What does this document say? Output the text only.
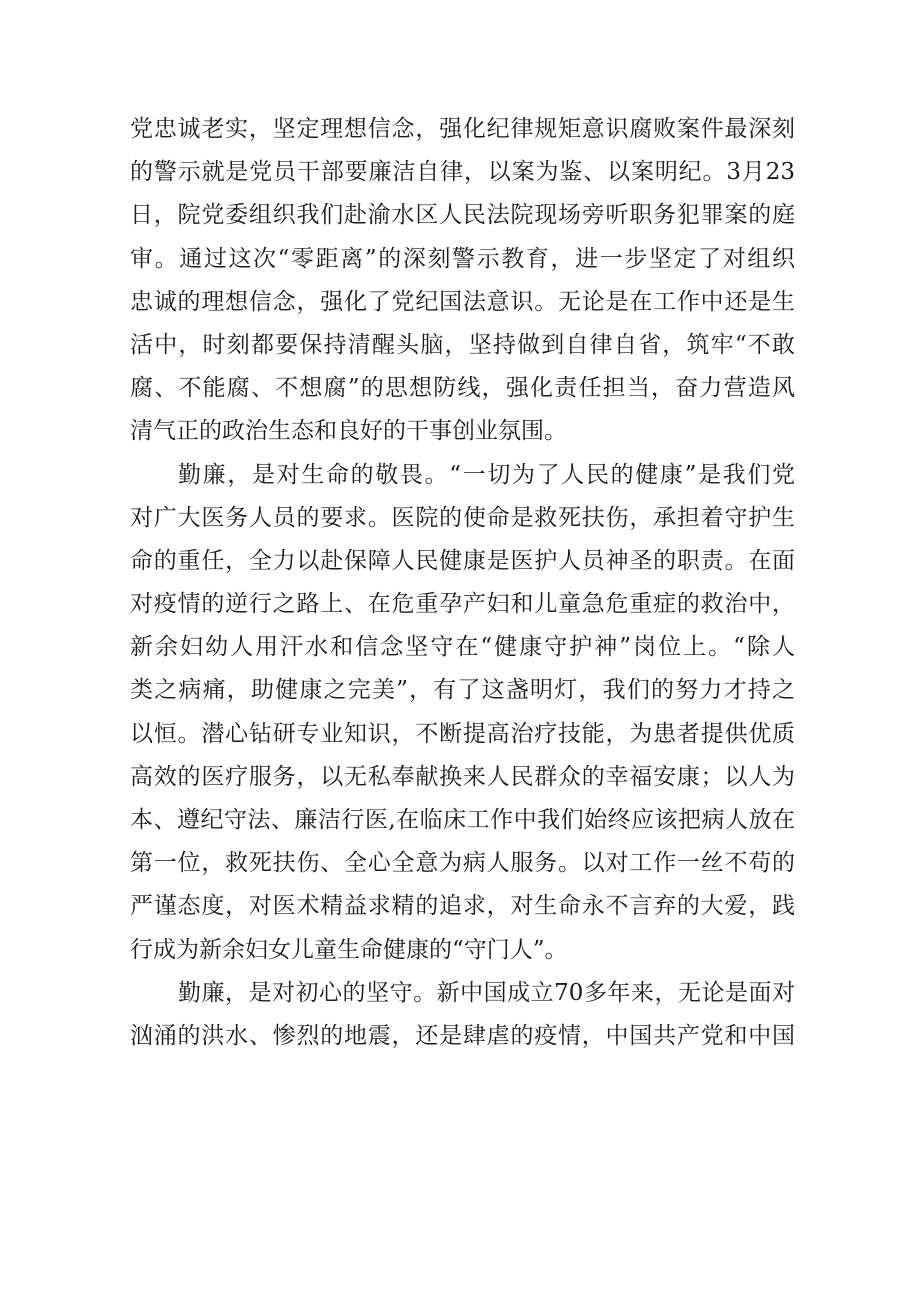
党忠诚老实，坚定理想信念，强化纪律规矩意识腐败案件最深刻
的警示就是党员干部要廉洁自律，以案为鉴、以案明纪。3月23
日，院党委组织我们赴渝水区人民法院现场旁听职务犯罪案的庭
审。通过这次“零距离”的深刻警示教育，进一步坚定了对组织
忠诚的理想信念，强化了党纪国法意识。无论是在工作中还是生
活中，时刻都要保持清醒头脑，坚持做到自律自省，筑牢“不敢
腐、不能腐、不想腐”的思想防线，强化责任担当，奋力营造风
清气正的政治生态和良好的干事创业氛围。
勤廉，是对生命的敬畏。“一切为了人民的健康”是我们党
对广大医务人员的要求。医院的使命是救死扶伤，承担着守护生
命的重任，全力以赴保障人民健康是医护人员神圣的职责。在面
对疫情的逆行之路上、在危重孕产妇和儿童急危重症的救治中，
新余妇幼人用汗水和信念坚守在“健康守护神”岗位上。“除人
类之病痛，助健康之完美”，有了这盏明灯，我们的努力才持之
以恒。潜心钻研专业知识，不断提高治疗技能，为患者提供优质
高效的医疗服务，以无私奉献换来人民群众的幸福安康；以人为
本、遵纪守法、廉洁行医,在临床工作中我们始终应该把病人放在
第一位，救死扶伤、全心全意为病人服务。以对工作一丝不苟的
严谨态度，对医术精益求精的追求，对生命永不言弃的大爱，践
行成为新余妇女儿童生命健康的“守门人”。
勤廉，是对初心的坚守。新中国成立70多年来，无论是面对
汹涌的洪水、惨烈的地震，还是肆虐的疫情，中国共产党和中国
